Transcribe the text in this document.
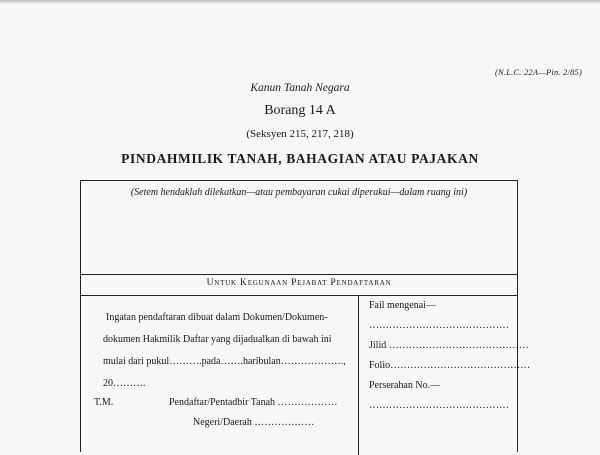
(N.L.C. 22A—Pin. 2/85)
Kanun Tanah Negara
Borang 14 A
(Seksyen 215, 217, 218)
PINDAHMILIK TANAH, BAHAGIAN ATAU PAJAKAN
(Setem hendaklah dilekatkan—atau pembayaran cukai diperakui—dalam ruang ini)
Untuk Kegunaan Pejabat Pendaftaran

Ingatan pendaftaran dibuat dalam Dokumen/Dokumen-

dokumen Hakmilik Daftar yang dijadualkan di bawah ini

mulai dari pukul……….pada…….haribulan……………….,

20……….

T.M.	Pendaftar/Pentadbir Tanah ………………
Negeri/Daerah ………………
Fail mengenai—
……………………………………
Jilid ……………………………………
Folio……………………………………
Perserahan No.—
……………………………………
